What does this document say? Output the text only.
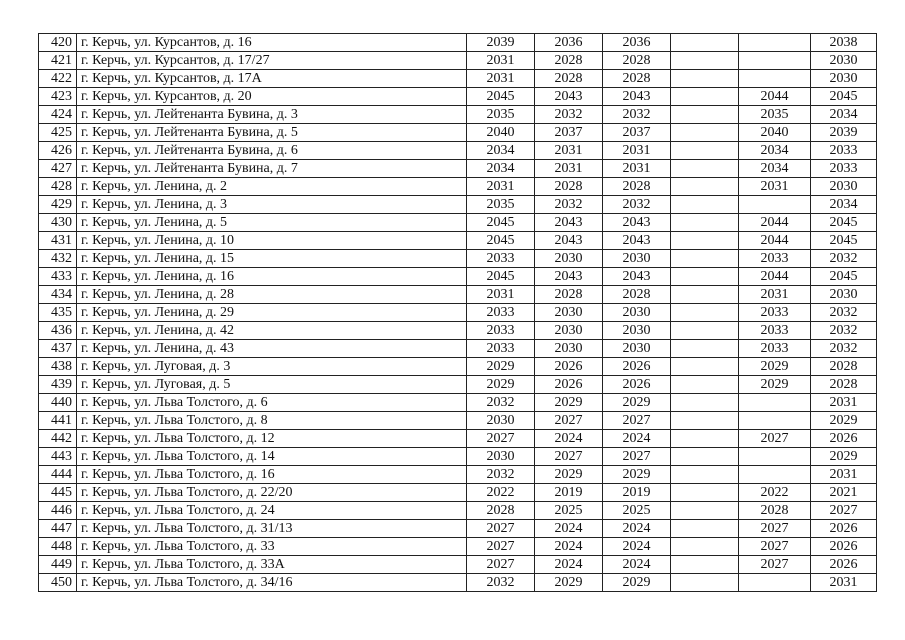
420	г. Керчь, ул. Курсантов, д. 16	2039	2036	2036			2038
421	г. Керчь, ул. Курсантов, д. 17/27	2031	2028	2028			2030
422	г. Керчь, ул. Курсантов, д. 17А	2031	2028	2028			2030
423	г. Керчь, ул. Курсантов, д. 20	2045	2043	2043		2044	2045
424	г. Керчь, ул. Лейтенанта Бувина, д. 3	2035	2032	2032		2035	2034
425	г. Керчь, ул. Лейтенанта Бувина, д. 5	2040	2037	2037		2040	2039
426	г. Керчь, ул. Лейтенанта Бувина, д. 6	2034	2031	2031		2034	2033
427	г. Керчь, ул. Лейтенанта Бувина, д. 7	2034	2031	2031		2034	2033
428	г. Керчь, ул. Ленина, д. 2	2031	2028	2028		2031	2030
429	г. Керчь, ул. Ленина, д. 3	2035	2032	2032			2034
430	г. Керчь, ул. Ленина, д. 5	2045	2043	2043		2044	2045
431	г. Керчь, ул. Ленина, д. 10	2045	2043	2043		2044	2045
432	г. Керчь, ул. Ленина, д. 15	2033	2030	2030		2033	2032
433	г. Керчь, ул. Ленина, д. 16	2045	2043	2043		2044	2045
434	г. Керчь, ул. Ленина, д. 28	2031	2028	2028		2031	2030
435	г. Керчь, ул. Ленина, д. 29	2033	2030	2030		2033	2032
436	г. Керчь, ул. Ленина, д. 42	2033	2030	2030		2033	2032
437	г. Керчь, ул. Ленина, д. 43	2033	2030	2030		2033	2032
438	г. Керчь, ул. Луговая, д. 3	2029	2026	2026		2029	2028
439	г. Керчь, ул. Луговая, д. 5	2029	2026	2026		2029	2028
440	г. Керчь, ул. Льва Толстого, д. 6	2032	2029	2029			2031
441	г. Керчь, ул. Льва Толстого, д. 8	2030	2027	2027			2029
442	г. Керчь, ул. Льва Толстого, д. 12	2027	2024	2024		2027	2026
443	г. Керчь, ул. Льва Толстого, д. 14	2030	2027	2027			2029
444	г. Керчь, ул. Льва Толстого, д. 16	2032	2029	2029			2031
445	г. Керчь, ул. Льва Толстого, д. 22/20	2022	2019	2019		2022	2021
446	г. Керчь, ул. Льва Толстого, д. 24	2028	2025	2025		2028	2027
447	г. Керчь, ул. Льва Толстого, д. 31/13	2027	2024	2024		2027	2026
448	г. Керчь, ул. Льва Толстого, д. 33	2027	2024	2024		2027	2026
449	г. Керчь, ул. Льва Толстого, д. 33А	2027	2024	2024		2027	2026
450	г. Керчь, ул. Льва Толстого, д. 34/16	2032	2029	2029			2031
